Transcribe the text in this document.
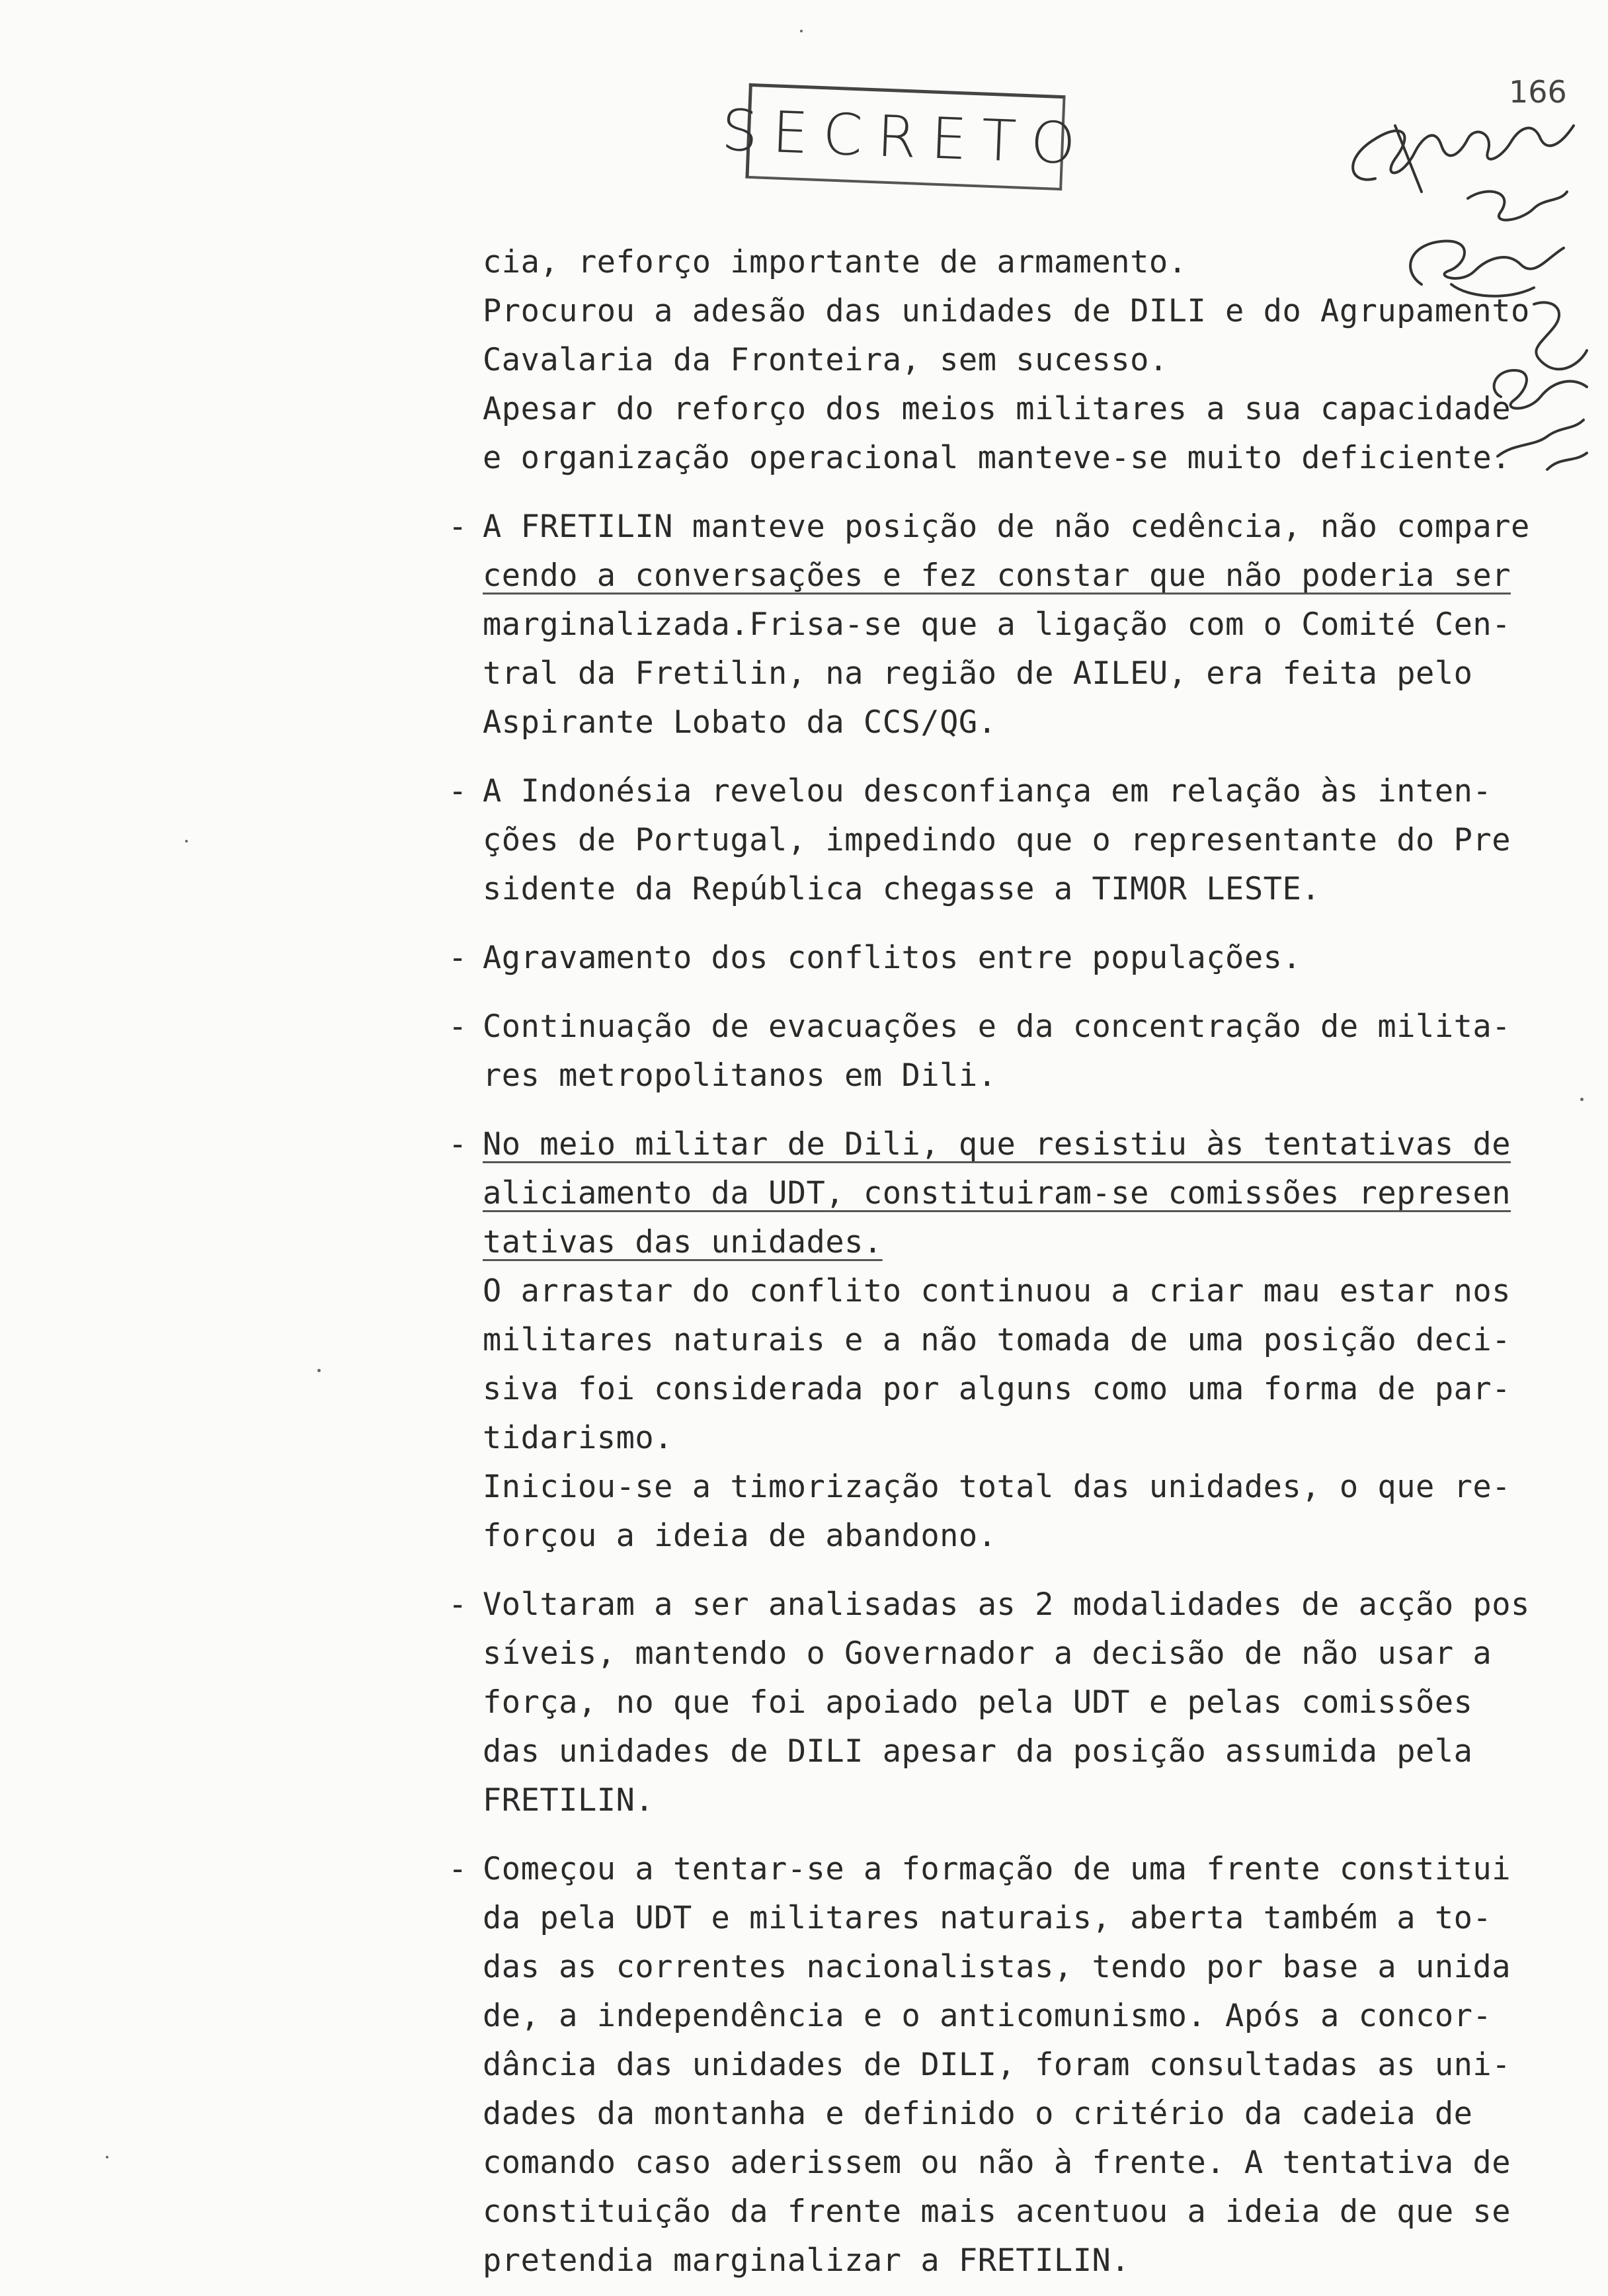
SECRETO
166
cia, reforço importante de armamento.
Procurou a adesão das unidades de DILI e do Agrupamento
Cavalaria da Fronteira, sem sucesso.
Apesar do reforço dos meios militares a sua capacidade
e organização operacional manteve-se muito deficiente.
- A FRETILIN manteve posição de não cedência, não compare
cendo a conversações e fez constar que não poderia ser
marginalizada.Frisa-se que a ligação com o Comité Cen-
tral da Fretilin, na região de AILEU, era feita pelo
Aspirante Lobato da CCS/QG.
- A Indonésia revelou desconfiança em relação às inten-
ções de Portugal, impedindo que o representante do Pre
sidente da República chegasse a TIMOR LESTE.
- Agravamento dos conflitos entre populações.
- Continuação de evacuações e da concentração de milita-
res metropolitanos em Dili.
- No meio militar de Dili, que resistiu às tentativas de
aliciamento da UDT, constituiram-se comissões represen
tativas das unidades.
O arrastar do conflito continuou a criar mau estar nos
militares naturais e a não tomada de uma posição deci-
siva foi considerada por alguns como uma forma de par-
tidarismo.
Iniciou-se a timorização total das unidades, o que re-
forçou a ideia de abandono.
- Voltaram a ser analisadas as 2 modalidades de acção pos
síveis, mantendo o Governador a decisão de não usar a
força, no que foi apoiado pela UDT e pelas comissões
das unidades de DILI apesar da posição assumida pela
FRETILIN.
- Começou a tentar-se a formação de uma frente constitui
da pela UDT e militares naturais, aberta também a to-
das as correntes nacionalistas, tendo por base a unida
de, a independência e o anticomunismo. Após a concor-
dância das unidades de DILI, foram consultadas as uni-
dades da montanha e definido o critério da cadeia de
comando caso aderissem ou não à frente. A tentativa de
constituição da frente mais acentuou a ideia de que se
pretendia marginalizar a FRETILIN.
